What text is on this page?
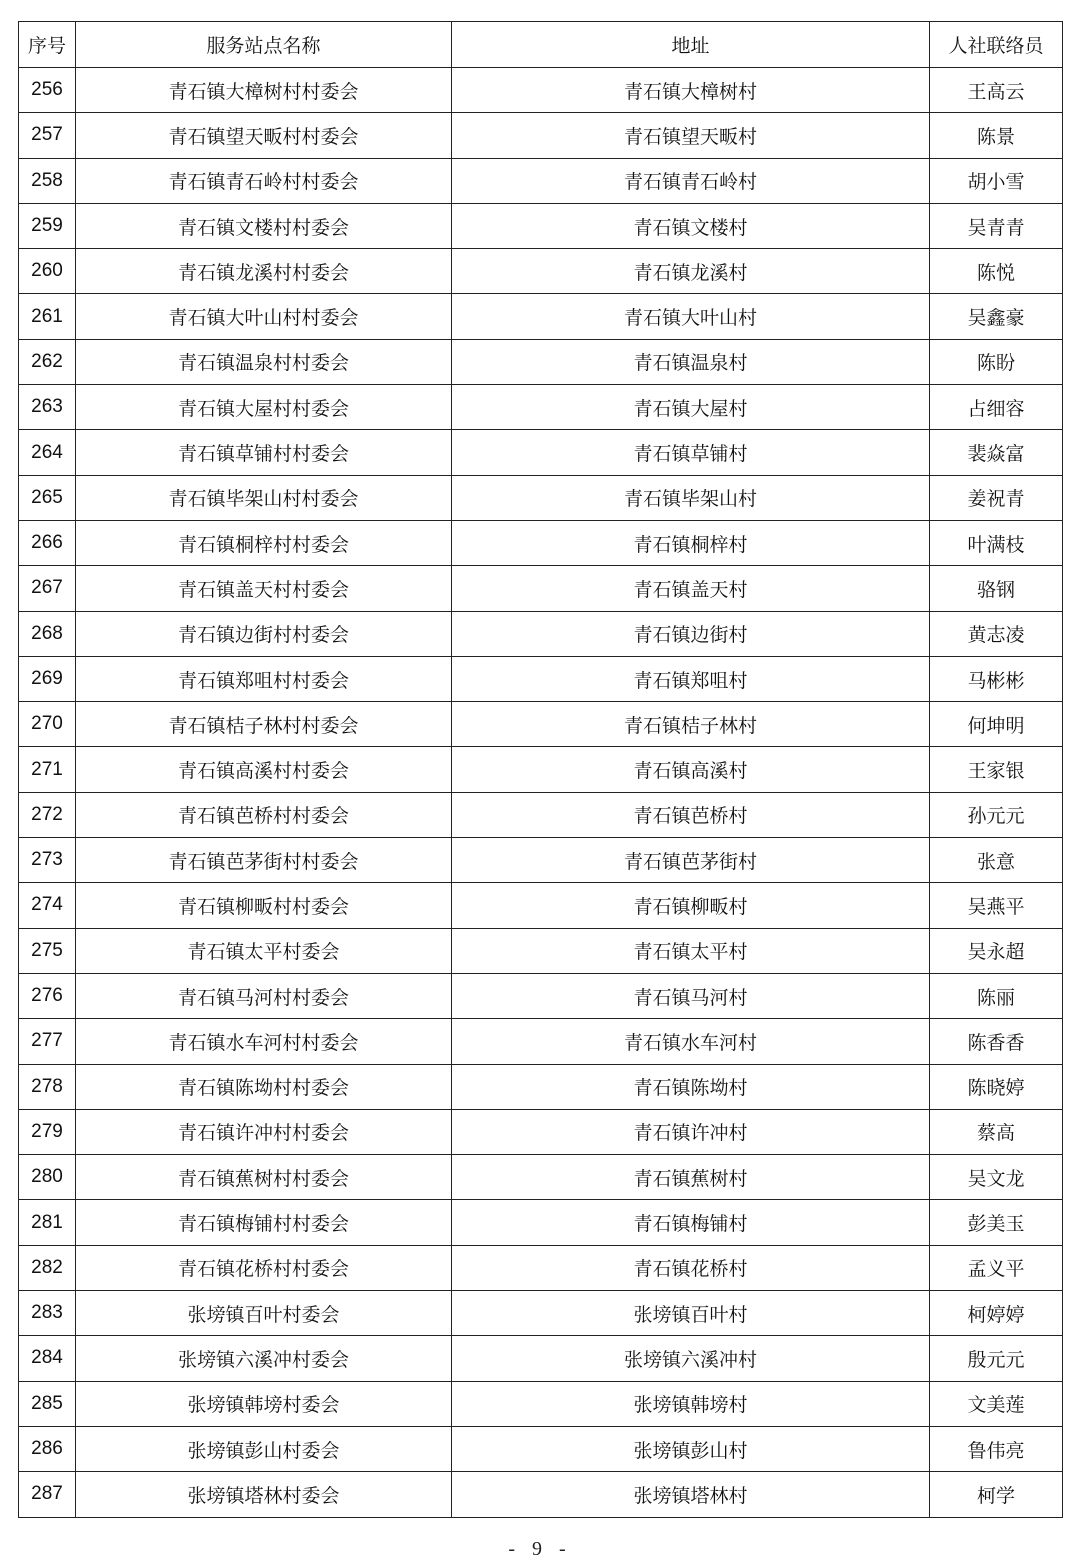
序号	服务站点名称	地址	人社联络员
256	青石镇大樟树村村委会	青石镇大樟树村	王高云
257	青石镇望天畈村村委会	青石镇望天畈村	陈景
258	青石镇青石岭村村委会	青石镇青石岭村	胡小雪
259	青石镇文楼村村委会	青石镇文楼村	吴青青
260	青石镇龙溪村村委会	青石镇龙溪村	陈悦
261	青石镇大叶山村村委会	青石镇大叶山村	吴鑫豪
262	青石镇温泉村村委会	青石镇温泉村	陈盼
263	青石镇大屋村村委会	青石镇大屋村	占细容
264	青石镇草铺村村委会	青石镇草铺村	裴焱富
265	青石镇毕架山村村委会	青石镇毕架山村	姜祝青
266	青石镇桐梓村村委会	青石镇桐梓村	叶满枝
267	青石镇盖天村村委会	青石镇盖天村	骆钢
268	青石镇边街村村委会	青石镇边街村	黄志凌
269	青石镇郑咀村村委会	青石镇郑咀村	马彬彬
270	青石镇桔子林村村委会	青石镇桔子林村	何坤明
271	青石镇高溪村村委会	青石镇高溪村	王家银
272	青石镇芭桥村村委会	青石镇芭桥村	孙元元
273	青石镇芭茅街村村委会	青石镇芭茅街村	张意
274	青石镇柳畈村村委会	青石镇柳畈村	吴燕平
275	青石镇太平村委会	青石镇太平村	吴永超
276	青石镇马河村村委会	青石镇马河村	陈丽
277	青石镇水车河村村委会	青石镇水车河村	陈香香
278	青石镇陈坳村村委会	青石镇陈坳村	陈晓婷
279	青石镇许冲村村委会	青石镇许冲村	蔡高
280	青石镇蕉树村村委会	青石镇蕉树村	吴文龙
281	青石镇梅铺村村委会	青石镇梅铺村	彭美玉
282	青石镇花桥村村委会	青石镇花桥村	孟义平
283	张塝镇百叶村委会	张塝镇百叶村	柯婷婷
284	张塝镇六溪冲村委会	张塝镇六溪冲村	殷元元
285	张塝镇韩塝村委会	张塝镇韩塝村	文美莲
286	张塝镇彭山村委会	张塝镇彭山村	鲁伟亮
287	张塝镇塔林村委会	张塝镇塔林村	柯学
- 9 -
